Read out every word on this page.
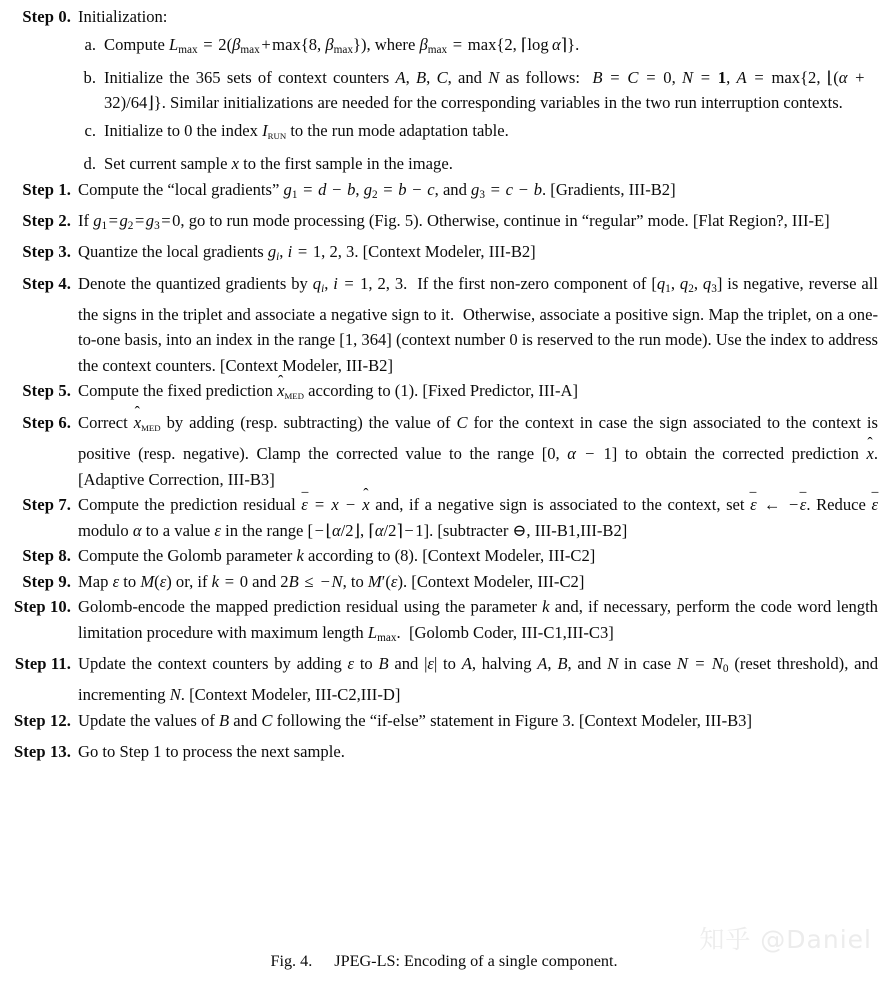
Step 0. Initialization:
a. Compute $L_{max} = 2(\beta_{max}+\max\{8$, $\beta_{max}$}), where $\beta_{max} = \max\{2$, ⌈log α⌉}.
b. Initialize the 365 sets of context counters A, B, C, and N as follows:  B = C = 0, N = 1, A = max{2, ⌊(α + 32)/64⌋}. Similar initializations are needed for the corresponding variables in the two run interruption contexts.
c. Initialize to 0 the index $I_{RUN}$ to the run mode adaptation table.
d. Set current sample x to the first sample in the image.
Step 1. Compute the “local gradients” $g_1 = d - b$, $g_2 = b - c$, and $g_3 = c - b$. [Gradients, III-B2]
Step 2. If $g_1=g_2=g_3=0$, go to run mode processing (Fig. 5). Otherwise, continue in “regular” mode. [Flat Region?, III-E]
Step 3. Quantize the local gradients $g_i$, i = 1, 2, 3. [Context Modeler, III-B2]
Step 4. Denote the quantized gradients by $q_i$, i = 1, 2, 3.  If the first non-zero component of [$q_1$, $q_2$, $q_3$] is negative, reverse all the signs in the triplet and associate a negative sign to it.  Otherwise, associate a positive sign. Map the triplet, on a one-to-one basis, into an index in the range [1, 364] (context number 0 is reserved to the run mode). Use the index to address the context counters. [Context Modeler, III-B2]
Step 5. Compute the fixed prediction x ˆ$_{MED}$ according to (1). [Fixed Predictor, III-A]
Step 6. Correct x ˆ$_{MED}$ by adding (resp. subtracting) the value of C for the context in case the sign associated to the context is positive (resp. negative). Clamp the corrected value to the range [0, α − 1] to obtain the corrected prediction x ˆ. [Adaptive Correction, III-B3]
Step 7. Compute the prediction residual ε ¯ = x − x ˆ and, if a negative sign is associated to the context, set ε ¯ ← −ε ¯. Reduce ε ¯ modulo α to a value ε in the range [−⌊α/2⌋, ⌈α/2⌉−1]. [subtracter ⊖, III-B1,III-B2]
Step 8. Compute the Golomb parameter k according to (8). [Context Modeler, III-C2]
Step 9. Map ε to M(ε) or, if k = 0 and 2B ≤ −N, to M′(ε). [Context Modeler, III-C2]
Step 10. Golomb-encode the mapped prediction residual using the parameter k and, if necessary, perform the code word length limitation procedure with maximum length $L_{max}$.  [Golomb Coder, III-C1,III-C3]
Step 11. Update the context counters by adding ε to B and |ε| to A, halving A, B, and N in case $N = N_0$ (reset threshold), and incrementing N. [Context Modeler, III-C2,III-D]
Step 12. Update the values of B and C following the “if-else” statement in Figure 3. [Context Modeler, III-B3]
Step 13. Go to Step 1 to process the next sample.
知乎 @Daniel
Fig. 4. JPEG-LS: Encoding of a single component.
